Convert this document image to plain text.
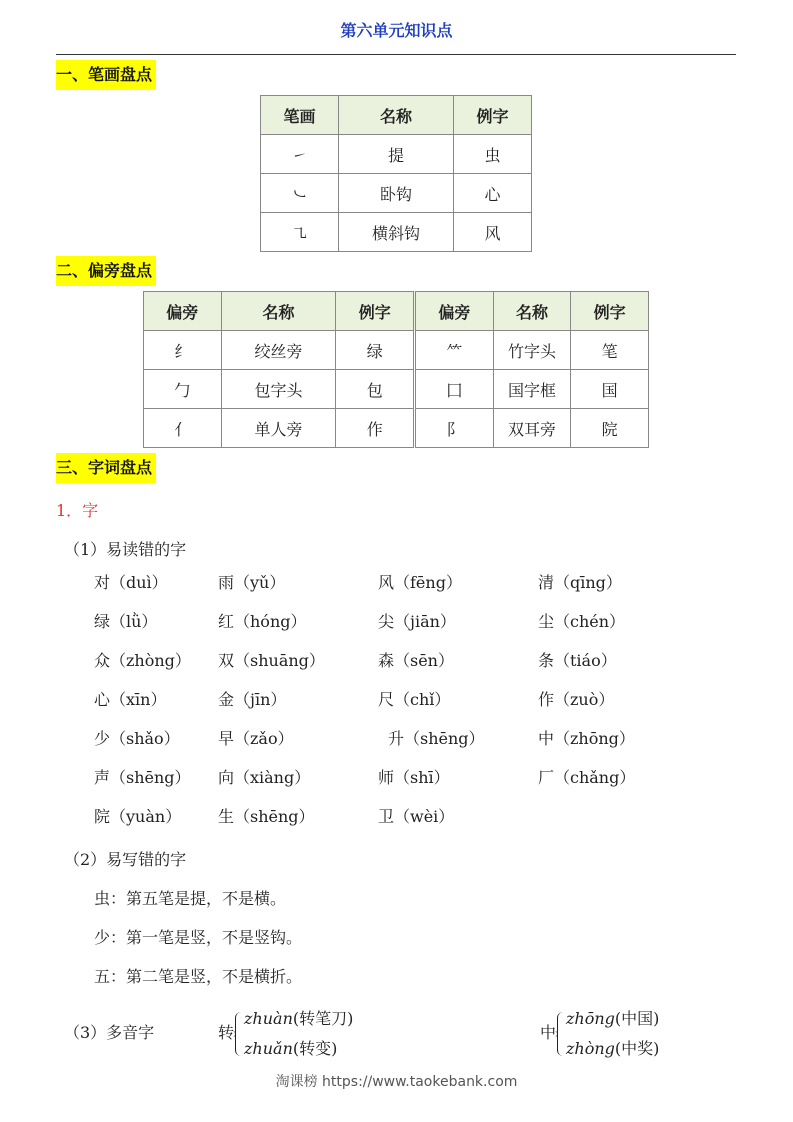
第六单元知识点
一、笔画盘点
笔画	名称	例字
㇀	提	虫
㇃	卧钩	心
㇈	横斜钩	风
二、偏旁盘点
偏旁	名称	例字	偏旁	名称	例字
纟	绞丝旁	绿	⺮	竹字头	笔
勹	包字头	包	囗	国字框	国
亻	单人旁	作	阝	双耳旁	院
三、字词盘点
1．字
（1）易读错的字
对（duì）	雨（yǔ）	风（fēng）	清（qīng）
绿（lǜ）	红（hóng）	尖（jiān）	尘（chén）
众（zhòng） 双（shuāng）	森（sēn）	条（tiáo）
心（xīn）	金（jīn）	尺（chǐ）	作（zuò）
少（shǎo） 早（zǎo）	升（shēng）	中（zhōng）
声（shēng） 向（xiàng）	师（shī）	厂（chǎng）
院（yuàn） 生（shēng）	卫（wèi）
（2）易写错的字
虫：第五笔是提，不是横。
少：第一笔是竖，不是竖钩。
五：第二笔是竖，不是横折。
（3）多音字	转
zhuàn(转笔刀)
zhuǎn(转变)
中
zhōng(中国)
zhòng(中奖)
淘课榜 https://www.taokebank.com
